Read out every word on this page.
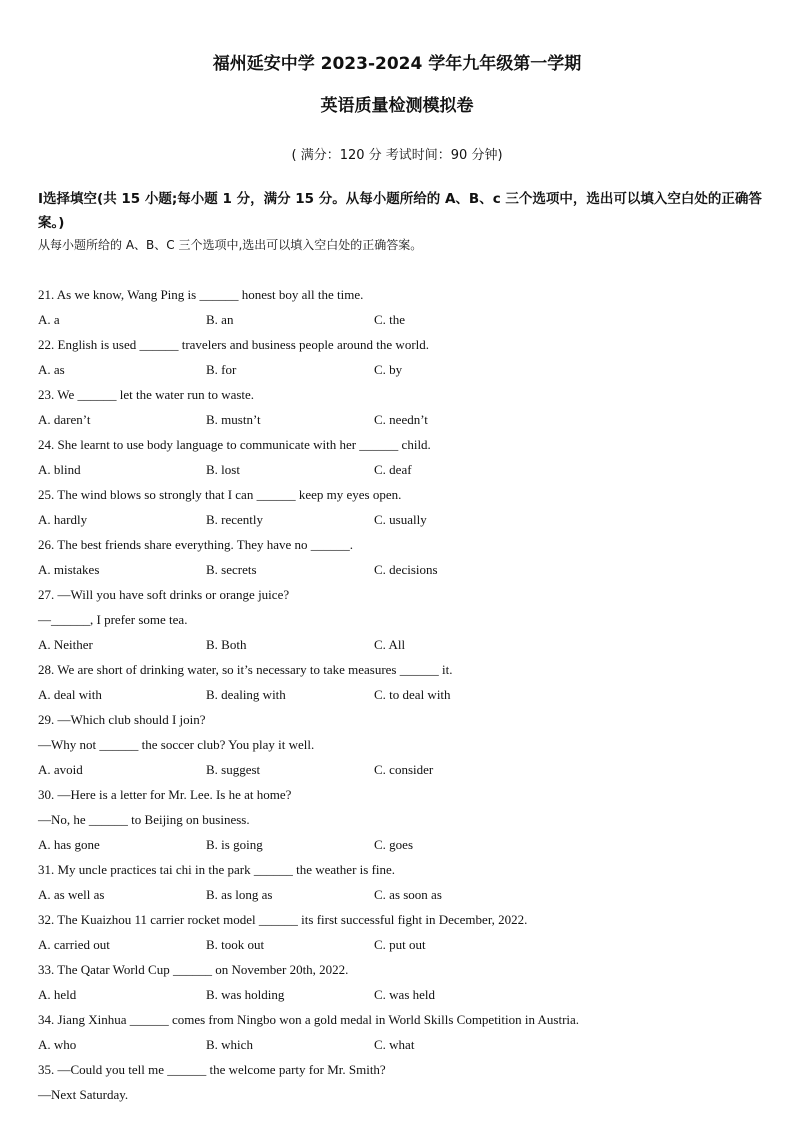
福州延安中学 2023-2024 学年九年级第一学期
英语质量检测模拟卷
( 满分：120 分 考试时间：90 分钟)
Ⅰ选择填空(共 15 小题;每小题 1 分，满分 15 分。从每小题所给的 A、B、c 三个选项中，选出可以填入空白处的正确答案。)
从每小题所给的 A、B、C 三个选项中,选出可以填入空白处的正确答案。
21. As we know, Wang Ping is ______ honest boy all the time.
A. a	B. an	C. the
22. English is used ______ travelers and business people around the world.
A. as	B. for	C. by
23. We ______ let the water run to waste.
A. daren’t	B. mustn’t	C. needn’t
24. She learnt to use body language to communicate with her ______ child.
A. blind	B. lost	C. deaf
25. The wind blows so strongly that I can ______ keep my eyes open.
A. hardly	B. recently	C. usually
26. The best friends share everything. They have no ______.
A. mistakes	B. secrets	C. decisions
27. —Will you have soft drinks or orange juice?
—______, I prefer some tea.
A. Neither	B. Both	C. All
28. We are short of drinking water, so it’s necessary to take measures ______ it.
A. deal with	B. dealing with	C. to deal with
29. —Which club should I join?
—Why not ______ the soccer club? You play it well.
A. avoid	B. suggest	C. consider
30. —Here is a letter for Mr. Lee. Is he at home?
—No, he ______ to Beijing on business.
A. has gone	B. is going	C. goes
31. My uncle practices tai chi in the park ______ the weather is fine.
A. as well as	B. as long as	C. as soon as
32. The Kuaizhou 11 carrier rocket model ______ its first successful fight in December, 2022.
A. carried out	B. took out	C. put out
33. The Qatar World Cup ______ on November 20th, 2022.
A. held	B. was holding	C. was held
34. Jiang Xinhua ______ comes from Ningbo won a gold medal in World Skills Competition in Austria.
A. who	B. which	C. what
35. —Could you tell me ______ the welcome party for Mr. Smith?
—Next Saturday.
